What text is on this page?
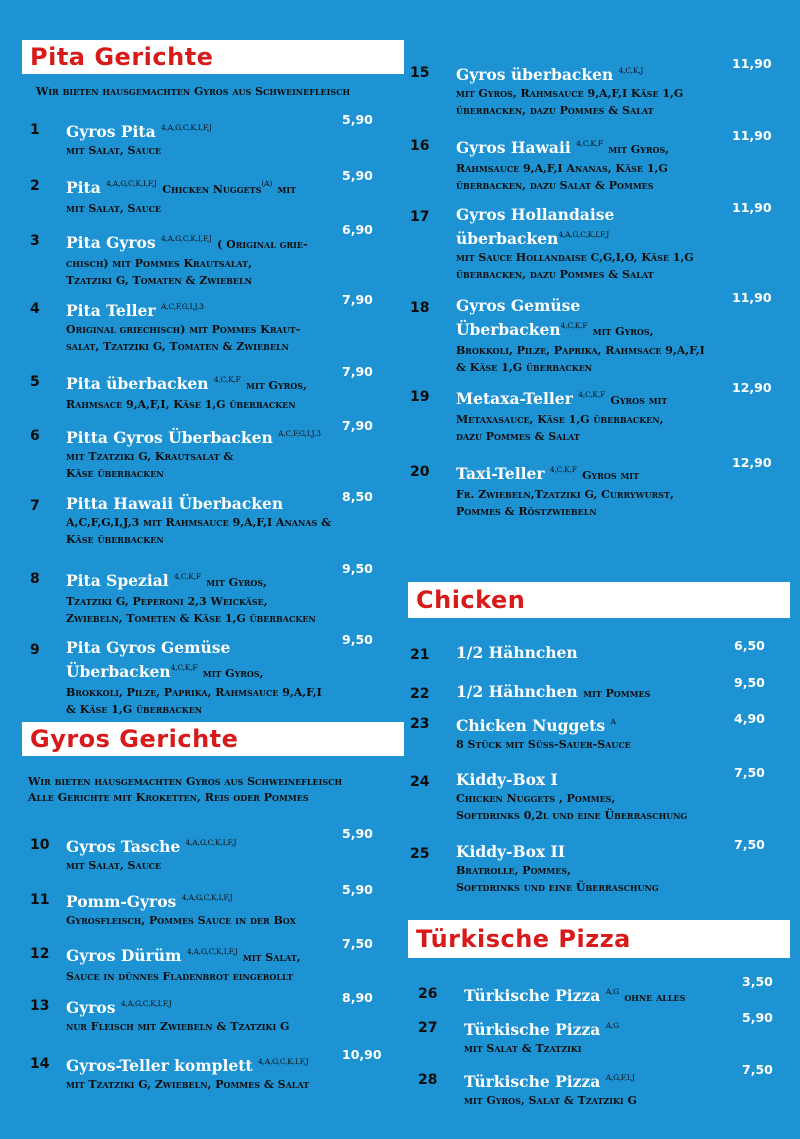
Pita Gerichte
Gyros Gerichte
Chicken
Türkische Pizza
Wir bieten hausgemachten Gyros aus Schweinefleisch
Wir bieten hausgemachten Gyros aus Schweinefleisch
Alle Gerichte mit Kroketten, Reis oder Pommes
1 Gyros Pita $^{4,A,G,C,K,I,F,J}$
mit Salat, Sauce
5,90
2 Pita $^{4,A,G,C,K,I,F,J}$ Chicken Nuggets$^{(A)}$ mit
mit Salat, Sauce
5,90
3 Pita Gyros $^{4,A,G,C,K,I,F,J}$ ( Original grie-
chisch) mit Pommes Krautsalat,
Tzatziki G, Tomaten & Zwiebeln
6,90
4 Pita Teller $^{A,C,F,G,I,J,3}$
Original griechisch) mit Pommes Kraut-
salat, Tzatziki G, Tomaten & Zwiebeln
7,90
5 Pita überbacken $^{4,C,K,F}$ mit Gyros,
Rahmsace 9,A,F,I, Käse 1,G überbacken
7,90
6 Pitta Gyros Überbacken $^{A,C,F,G,I,J,3}$
mit Tzatziki G, Krautsalat &
Käse überbacken
7,90
7 Pitta Hawaii Überbacken
A,C,F,G,I,J,3 mit Rahmsauce 9,A,F,I Ananas &
Käse überbacken
8,50
8 Pita Spezial $^{4,C,K,F}$ mit Gyros,
Tzatziki G, Peperoni 2,3 Weickäse,
Zwiebeln, Tometen & Käse 1,G überbacken
9,50
9 Pita Gyros Gemüse
Überbacken$^{4,C,K,F}$ mit Gyros,
Brokkoli, Pilze, Paprika, Rahmsauce 9,A,F,I
& Käse 1,G überbacken
9,50
10 Gyros Tasche $^{4,A,G,C,K,I,F,J}$
mit Salat, Sauce
5,90
11 Pomm-Gyros $^{4,A,G,C,K,I,F,J}$
Gyrosfleisch, Pommes Sauce in der Box
5,90
12 Gyros Dürüm $^{4,A,G,C,K,I,F,J}$ mit Salat,
Sauce in dünnes Fladenbrot eingerollt
7,50
13 Gyros $^{4,A,G,C,K,I,F,J}$
nur Fleisch mit Zwiebeln & Tzatziki G
8,90
14 Gyros-Teller komplett $^{4,A,G,C,K,I,F,J}$
mit Tzatziki G, Zwiebeln, Pommes & Salat
10,90
15 Gyros überbacken $^{4,C,K,J}$
mit Gyros, Rahmsauce 9,A,F,I Käse 1,G
überbacken, dazu Pommes & Salat
11,90
16 Gyros Hawaii $^{4,C,K,F}$ mit Gyros,
Rahmsauce 9,A,F,I Ananas, Käse 1,G
überbacken, dazu Salat & Pommes
11,90
17 Gyros Hollandaise
überbacken$^{4,A,G,C,K,I,F,J}$
mit Sauce Hollandaise C,G,I,O, Käse 1,G
überbacken, dazu Pommes & Salat
11,90
18 Gyros Gemüse
Überbacken$^{4,C,K,F}$ mit Gyros,
Brokkoli, Pilze, Paprika, Rahmsace 9,A,F,I
& Käse 1,G überbacken
11,90
19 Metaxa-Teller $^{4,C,K,F}$ Gyros mit
Metaxasauce, Käse 1,G überbacken,
dazu Pommes & Salat
12,90
20 Taxi-Teller $^{4,C,K,F}$ Gyros mit
Fr. Zwiebeln,Tzatziki G, Currywurst,
Pommes & Röstzwiebeln
12,90
21 1/2 Hähnchen	6,50
22 1/2 Hähnchen mit Pommes
9,50
23 Chicken Nuggets $^A$
8 Stück mit Süss-Sauer-Sauce
4,90
24 Kiddy-Box I
Chicken Nuggets , Pommes,
Softdrinks 0,2l und eine Überraschung
7,50
25 Kiddy-Box II
Bratrolle, Pommes,
Softdrinks und eine Überraschung
7,50
26 Türkische Pizza $^{A,G}$ ohne alles
3,50
27 Türkische Pizza $^{A,G}$
mit Salat & Tzatziki
5,90
28 Türkische Pizza $^{A,G,F,I,J}$
mit Gyros, Salat & Tzatziki G
7,50
